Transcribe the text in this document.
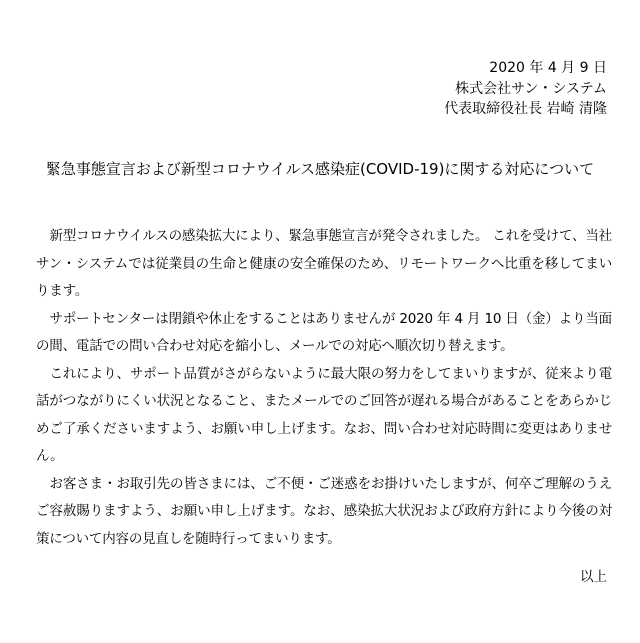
2020 年 4 月 9 日
株式会社サン・システム
代表取締役社長 岩崎 清隆
緊急事態宣言および新型コロナウイルス感染症(COVID-19)に関する対応について

新型コロナウイルスの感染拡大により、緊急事態宣言が発令されました。 これを受けて、当社サン・システムでは従業員の生命と健康の安全確保のため、リモートワークへ比重を移してまいります。

サポートセンターは閉鎖や休止をすることはありませんが 2020 年 4 月 10 日（金）より当面の間、電話での問い合わせ対応を縮小し、メールでの対応へ順次切り替えます。

これにより、サポート品質がさがらないように最大限の努力をしてまいりますが、従来より電話がつながりにくい状況となること、またメールでのご回答が遅れる場合があることをあらかじめご了承くださいますよう、お願い申し上げます。なお、問い合わせ対応時間に変更はありません。

お客さま・お取引先の皆さまには、ご不便・ご迷惑をお掛けいたしますが、何卒ご理解のうえご容赦賜りますよう、お願い申し上げます。なお、感染拡大状況および政府方針により今後の対策について内容の見直しを随時行ってまいります。

以上
